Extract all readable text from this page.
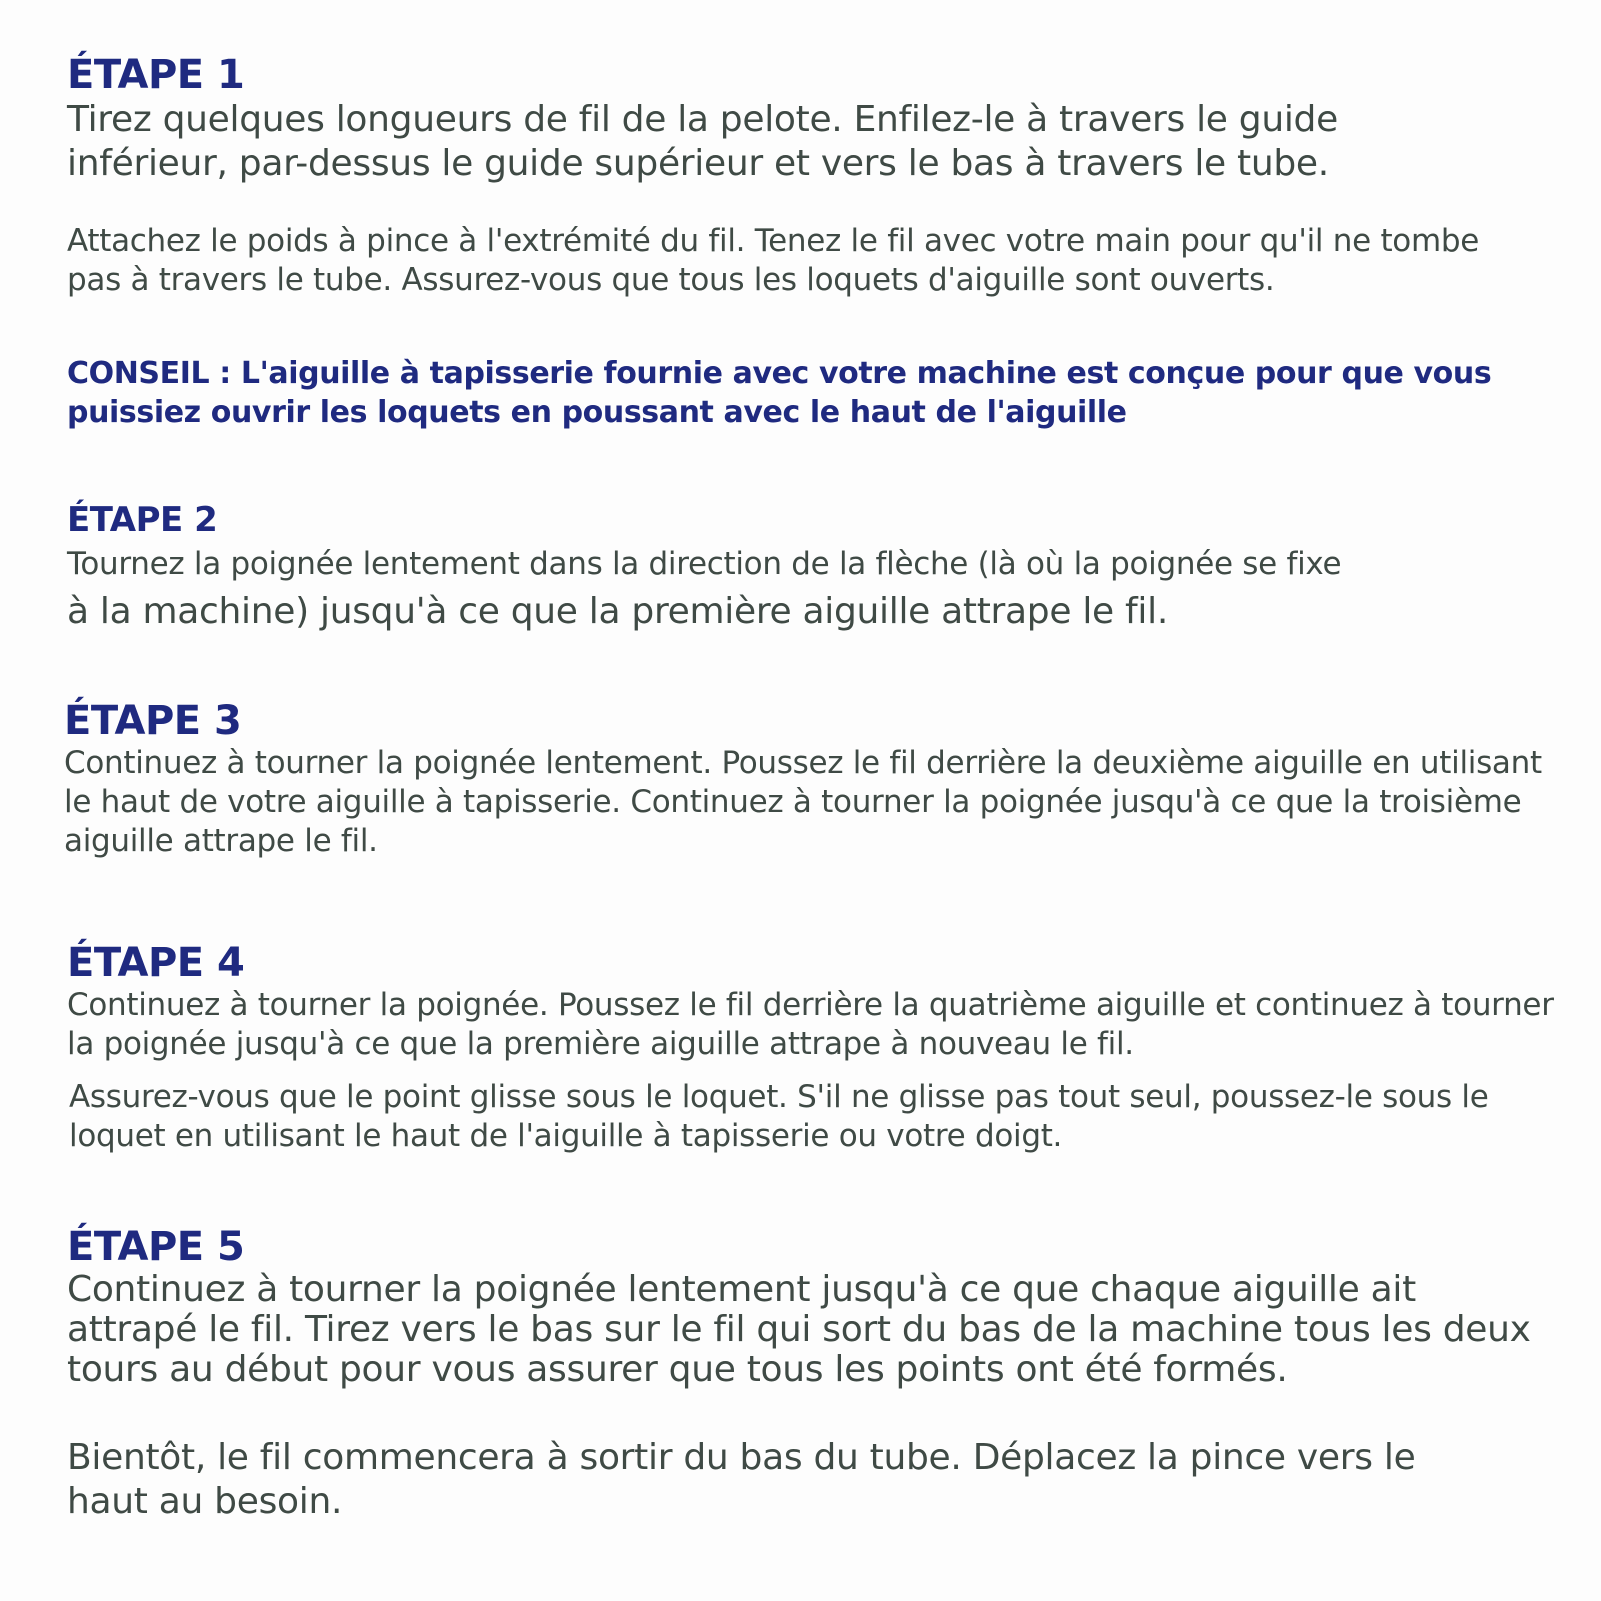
ÉTAPE 1

Tirez quelques longueurs de fil de la pelote. Enfilez-le à travers le guide inférieur, par-dessus le guide supérieur et vers le bas à travers le tube.

Attachez le poids à pince à l'extrémité du fil. Tenez le fil avec votre main pour qu'il ne tombe pas à travers le tube. Assurez-vous que tous les loquets d'aiguille sont ouverts.

CONSEIL : L'aiguille à tapisserie fournie avec votre machine est conçue pour que vous puissiez ouvrir les loquets en poussant avec le haut de l'aiguille

ÉTAPE 2

Tournez la poignée lentement dans la direction de la flèche (là où la poignée se fixe

à la machine) jusqu'à ce que la première aiguille attrape le fil.

ÉTAPE 3

Continuez à tourner la poignée lentement. Poussez le fil derrière la deuxième aiguille en utilisant le haut de votre aiguille à tapisserie. Continuez à tourner la poignée jusqu'à ce que la troisième aiguille attrape le fil.

ÉTAPE 4

Continuez à tourner la poignée. Poussez le fil derrière la quatrième aiguille et continuez à tourner la poignée jusqu'à ce que la première aiguille attrape à nouveau le fil.

Assurez-vous que le point glisse sous le loquet. S'il ne glisse pas tout seul, poussez-le sous le loquet en utilisant le haut de l'aiguille à tapisserie ou votre doigt.

ÉTAPE 5

Continuez à tourner la poignée lentement jusqu'à ce que chaque aiguille ait attrapé le fil. Tirez vers le bas sur le fil qui sort du bas de la machine tous les deux tours au début pour vous assurer que tous les points ont été formés.

Bientôt, le fil commencera à sortir du bas du tube. Déplacez la pince vers le haut au besoin.
